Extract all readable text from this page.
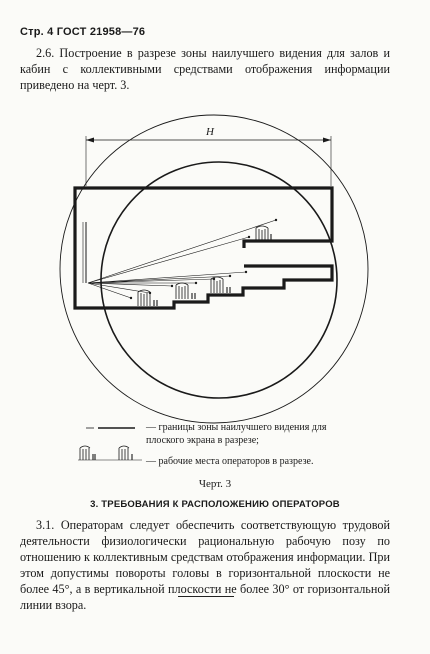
Стр. 4 ГОСТ 21958—76
2.6. Построение в разрезе зоны наилучшего видения для залов и кабин с коллективными средствами отображения информации приведено на черт. 3.
Н
— границы зоны наилучшего видения для плоского экрана в разрезе;
— рабочие места операторов в разрезе.
Черт. 3
3. ТРЕБОВАНИЯ К РАСПОЛОЖЕНИЮ ОПЕРАТОРОВ
3.1. Операторам следует обеспечить соответствующую трудовой деятельности физиологически рациональную рабочую позу по отношению к коллективным средствам отображения информации. При этом допустимы повороты головы в горизонтальной плоскости не более 45°, а в вертикальной плоскости не более 30° от горизонтальной линии взора.
